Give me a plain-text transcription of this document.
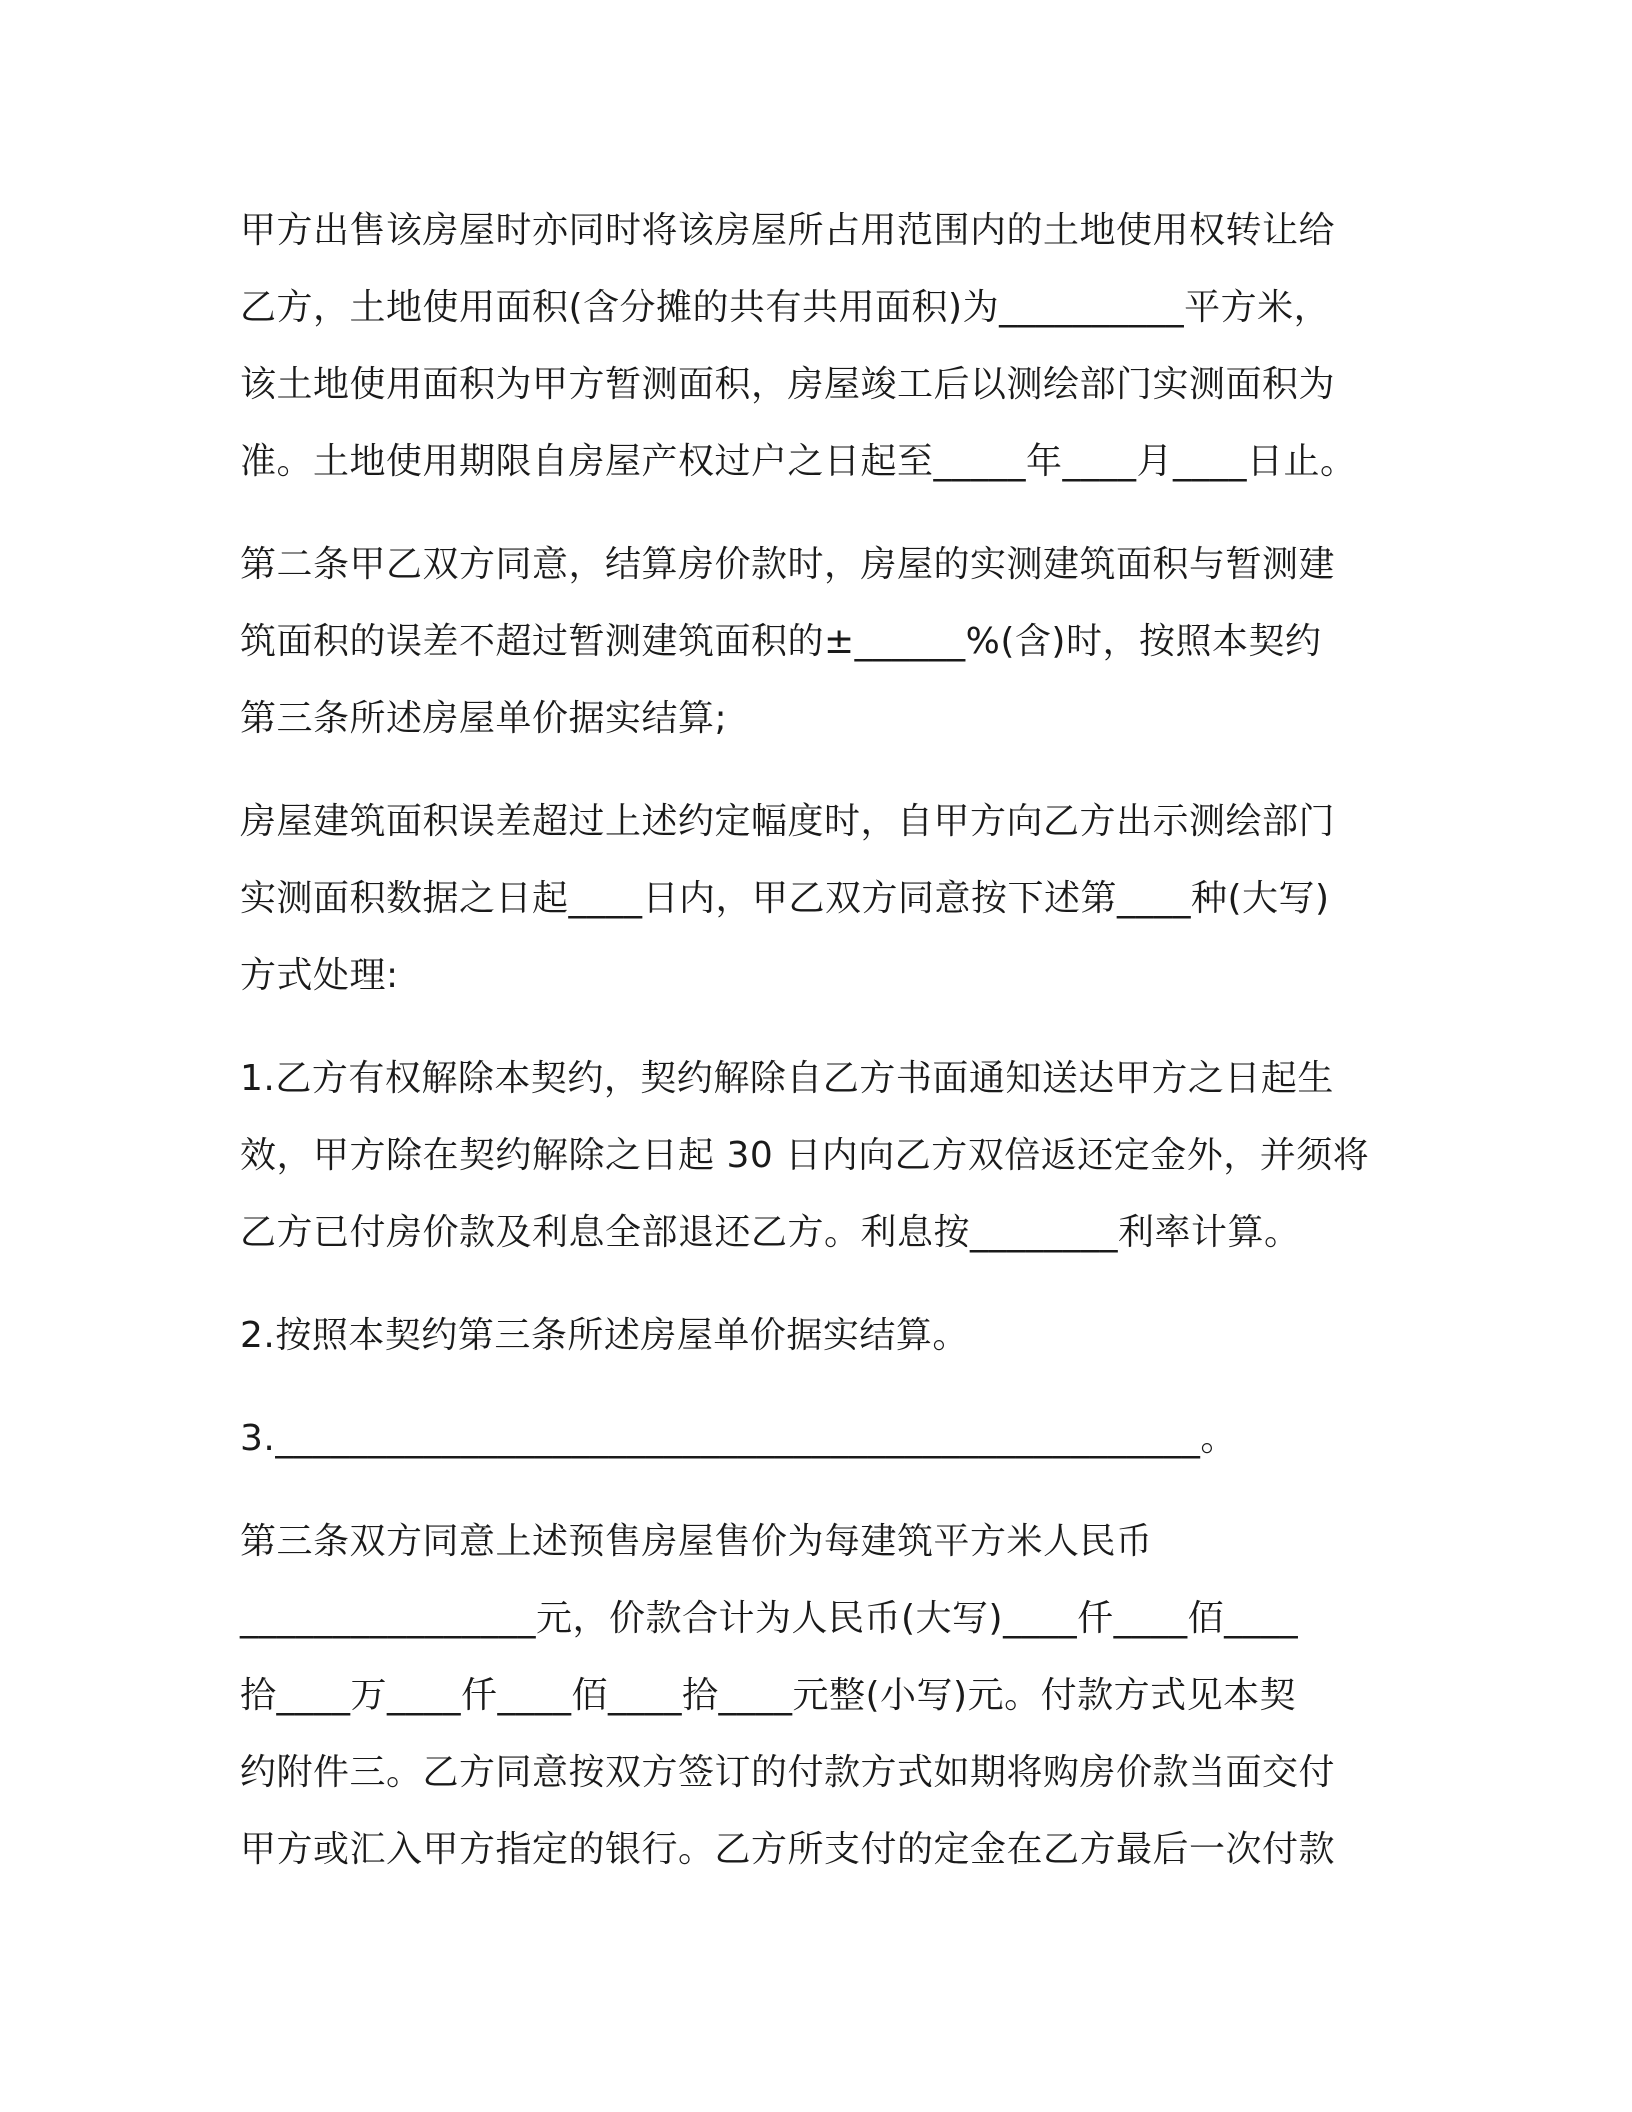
甲方出售该房屋时亦同时将该房屋所占用范围内的土地使用权转让给
乙方，土地使用面积(含分摊的共有共用面积)为__________平方米，
该土地使用面积为甲方暂测面积，房屋竣工后以测绘部门实测面积为
准。土地使用期限自房屋产权过户之日起至_____年____月____日止。
第二条甲乙双方同意，结算房价款时，房屋的实测建筑面积与暂测建
筑面积的误差不超过暂测建筑面积的±______%(含)时，按照本契约
第三条所述房屋单价据实结算;
房屋建筑面积误差超过上述约定幅度时，自甲方向乙方出示测绘部门
实测面积数据之日起____日内，甲乙双方同意按下述第____种(大写)
方式处理:
1.乙方有权解除本契约，契约解除自乙方书面通知送达甲方之日起生
效，甲方除在契约解除之日起 30 日内向乙方双倍返还定金外，并须将
乙方已付房价款及利息全部退还乙方。利息按________利率计算。
2.按照本契约第三条所述房屋单价据实结算。
3.__________________________________________________。
第三条双方同意上述预售房屋售价为每建筑平方米人民币
________________元，价款合计为人民币(大写)____仟____佰____
拾____万____仟____佰____拾____元整(小写)元。付款方式见本契
约附件三。乙方同意按双方签订的付款方式如期将购房价款当面交付
甲方或汇入甲方指定的银行。乙方所支付的定金在乙方最后一次付款
